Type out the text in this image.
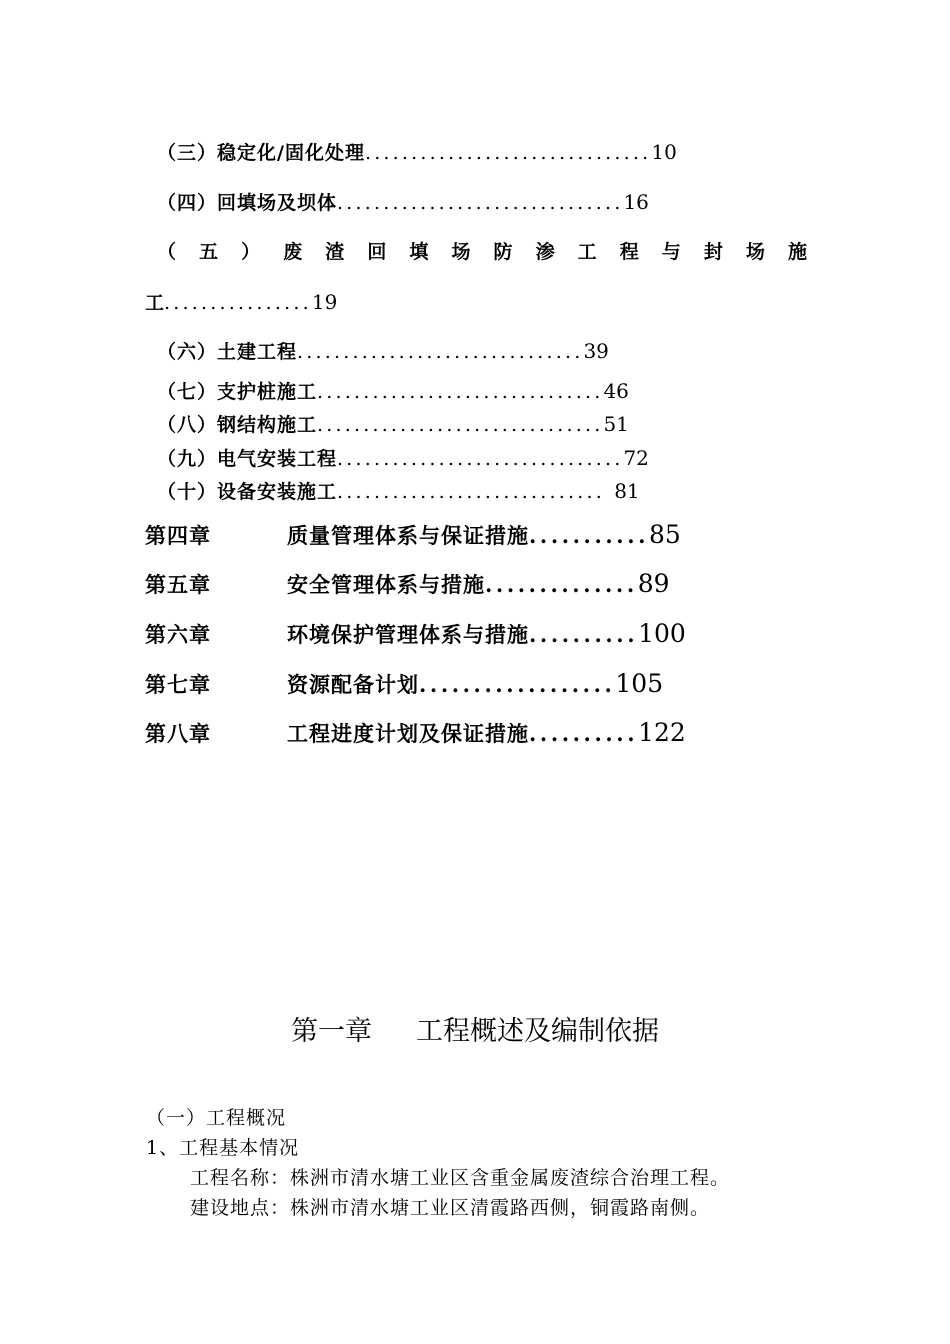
（三）稳定化/固化处理...............................10
（四）回填场及坝体...............................16
（ 五 ） 废 渣 回 填 场 防 渗 工 程 与 封 场 施
工................19
（六）土建工程...............................39
（七）支护桩施工...............................46
（八）钢结构施工...............................51
（九）电气安装工程...............................72
（十）设备安装施工............................. 81
第四章	质量管理体系与保证措施...........85
第五章	安全管理体系与措施..............89
第六章	环境保护管理体系与措施..........100
第七章	资源配备计划..................105
第八章	工程进度计划及保证措施..........122
第一章 工程概述及编制依据
（一）工程概况
1、工程基本情况
工程名称：株洲市清水塘工业区含重金属废渣综合治理工程。
建设地点：株洲市清水塘工业区清霞路西侧，铜霞路南侧。
